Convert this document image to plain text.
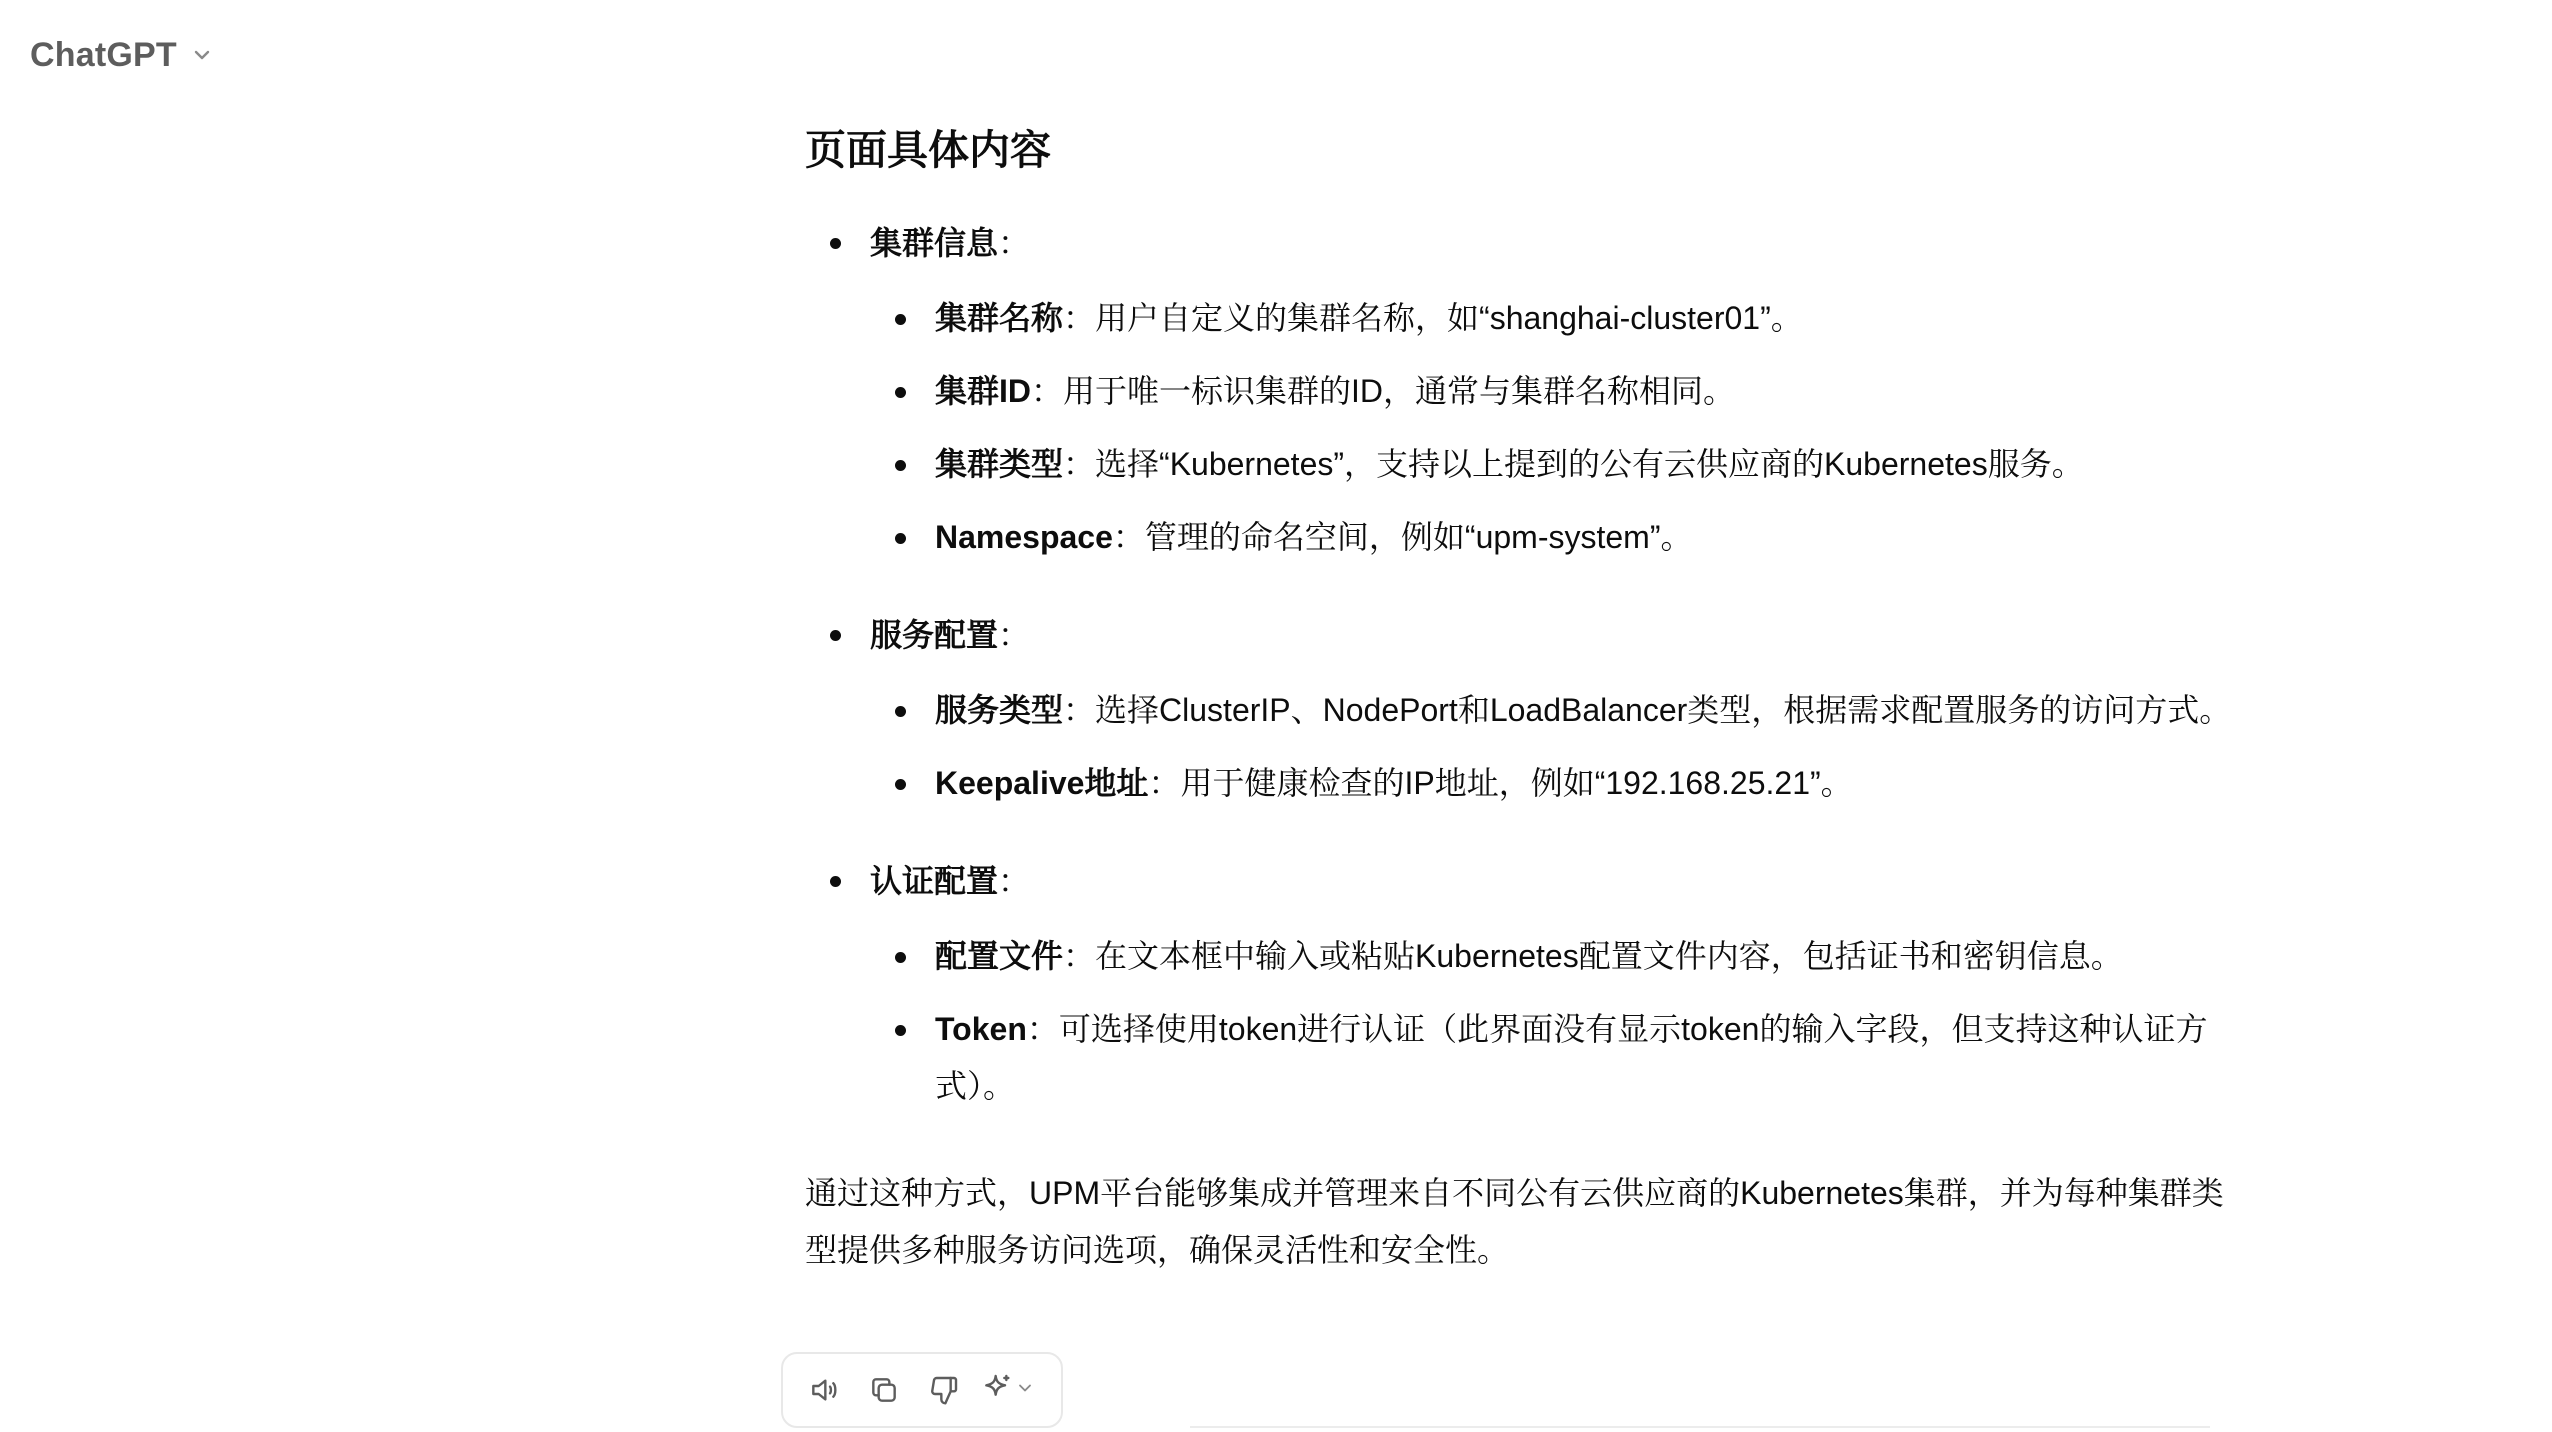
ChatGPT
页面具体内容
集群信息：
集群名称：用户自定义的集群名称，如“shanghai-cluster01”。
集群ID：用于唯一标识集群的ID，通常与集群名称相同。
集群类型：选择“Kubernetes”，支持以上提到的公有云供应商的Kubernetes服务。
Namespace：管理的命名空间，例如“upm-system”。
服务配置：
服务类型：选择ClusterIP、NodePort和LoadBalancer类型，根据需求配置服务的访问方式。
Keepalive地址：用于健康检查的IP地址，例如“192.168.25.21”。
认证配置：
配置文件：在文本框中输入或粘贴Kubernetes配置文件内容，包括证书和密钥信息。
Token：可选择使用token进行认证（此界面没有显示token的输入字段，但支持这种认证方式）。

通过这种方式，UPM平台能够集成并管理来自不同公有云供应商的Kubernetes集群，并为每种集群类型提供多种服务访问选项，确保灵活性和安全性。
